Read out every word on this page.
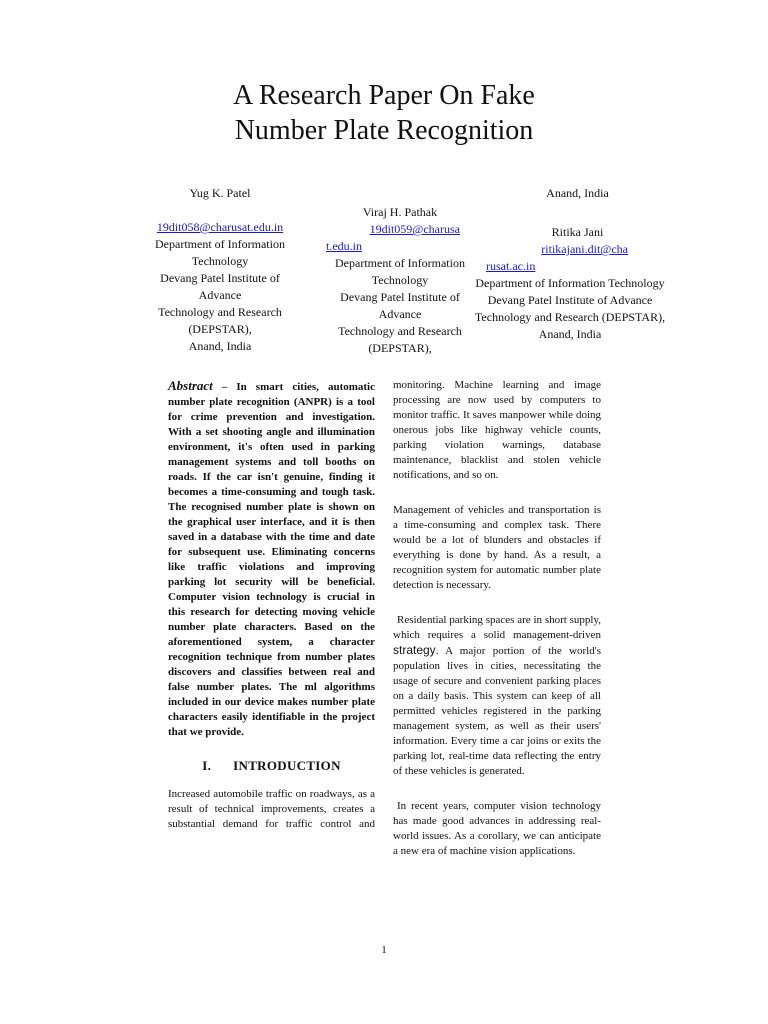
A Research Paper On Fake
Number Plate Recognition
Yug K. Patel
19dit058@charusat.edu.in
Department of Information
Technology
Devang Patel Institute of
Advance
Technology and Research
(DEPSTAR),
Anand, India
Viraj H. Pathak
19dit059@charusa
t.edu.in
Department of Information
Technology
Devang Patel Institute of
Advance
Technology and Research
(DEPSTAR),
Anand, India
Ritika Jani
ritikajani.dit@cha
rusat.ac.in
Department of Information Technology
Devang Patel Institute of Advance
Technology and Research (DEPSTAR),
Anand, India

Abstract – In smart cities, automatic number plate recognition (ANPR) is a tool for crime prevention and investigation. With a set shooting angle and illumination environment, it's often used in parking management systems and toll booths on roads. If the car isn't genuine, finding it becomes a time-consuming and tough task. The recognised number plate is shown on the graphical user interface, and it is then saved in a database with the time and date for subsequent use. Eliminating concerns like traffic violations and improving parking lot security will be beneficial. Computer vision technology is crucial in this research for detecting moving vehicle number plate characters. Based on the aforementioned system, a character recognition technique from number plates discovers and classifies between real and false number plates. The ml algorithms included in our device makes number plate characters easily identifiable in the project that we provide.

I. INTRODUCTION

Increased automobile traffic on roadways, as a result of technical improvements, creates a substantial demand for traffic control and

monitoring. Machine learning and image processing are now used by computers to monitor traffic. It saves manpower while doing onerous jobs like highway vehicle counts, parking violation warnings, database maintenance, blacklist and stolen vehicle notifications, and so on.

Management of vehicles and transportation is a time-consuming and complex task. There would be a lot of blunders and obstacles if everything is done by hand. As a result, a recognition system for automatic number plate detection is necessary.

Residential parking spaces are in short supply, which requires a solid management-driven strategy. A major portion of the world's population lives in cities, necessitating the usage of secure and convenient parking places on a daily basis. This system can keep of all permitted vehicles registered in the parking management system, as well as their users' information. Every time a car joins or exits the parking lot, real-time data reflecting the entry of these vehicles is generated.

In recent years, computer vision technology has made good advances in addressing real-world issues. As a corollary, we can anticipate a new era of machine vision applications.

1
